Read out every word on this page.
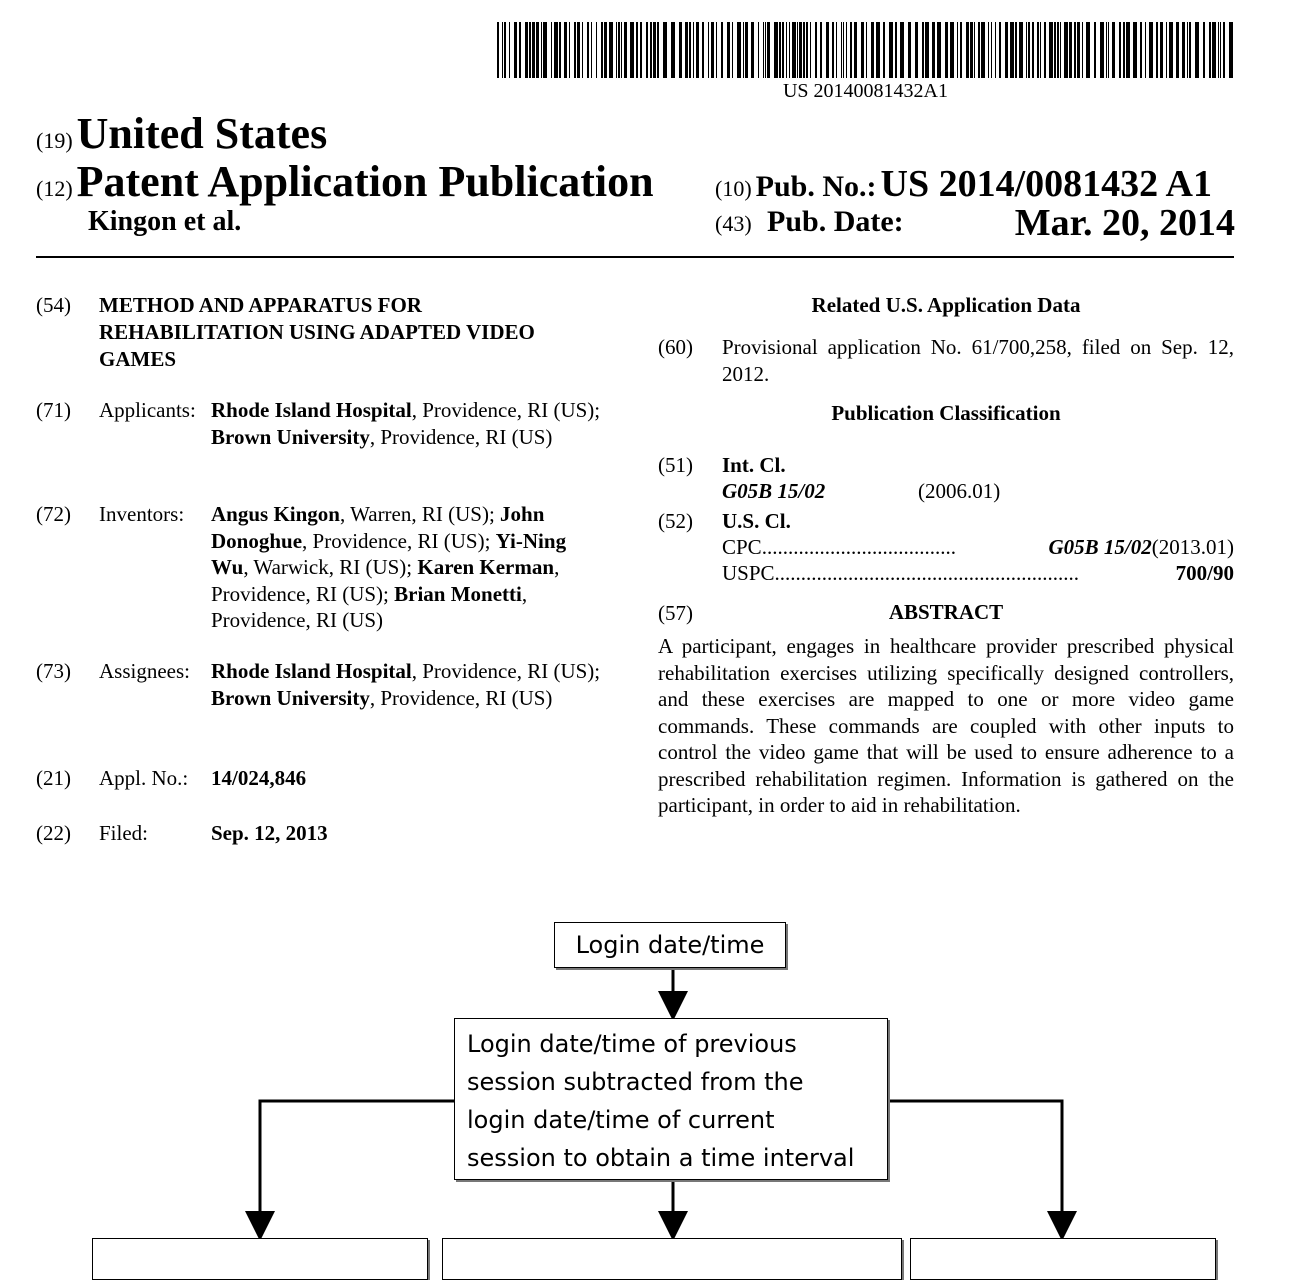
US 20140081432A1
(19) United States
(12) Patent Application Publication
Kingon et al.
(10) Pub. No.: US 2014/0081432 A1
(43) Pub. Date:	Mar. 20, 2014
(54) METHOD AND APPARATUS FOR REHABILITATION USING ADAPTED VIDEO GAMES
(71) Applicants: Rhode Island Hospital, Providence, RI (US); Brown University, Providence, RI (US)
(72) Inventors: Angus Kingon, Warren, RI (US); John Donoghue, Providence, RI (US); Yi-Ning Wu, Warwick, RI (US); Karen Kerman, Providence, RI (US); Brian Monetti, Providence, RI (US)
(73) Assignees: Rhode Island Hospital, Providence, RI (US); Brown University, Providence, RI (US)
(21) Appl. No.: 14/024,846
(22) Filed:	Sep. 12, 2013
Related U.S. Application Data
(60) Provisional application No. 61/700,258, filed on Sep. 12, 2012.
Publication Classification
(51) Int. Cl.
G05B 15/02	(2006.01)
(52) U.S. Cl.
CPC .....................................	G05B 15/02 (2013.01)
USPC ..........................................................	700/90
(57)	ABSTRACT
A participant, engages in healthcare provider prescribed physical rehabilitation exercises utilizing specifically designed controllers, and these exercises are mapped to one or more video game commands. These commands are coupled with other inputs to control the video game that will be used to ensure adherence to a prescribed rehabilitation regimen. Information is gathered on the participant, in order to aid in rehabilitation.
Login date/time
Login date/time of previous
session subtracted from the
login date/time of current
session to obtain a time interval
